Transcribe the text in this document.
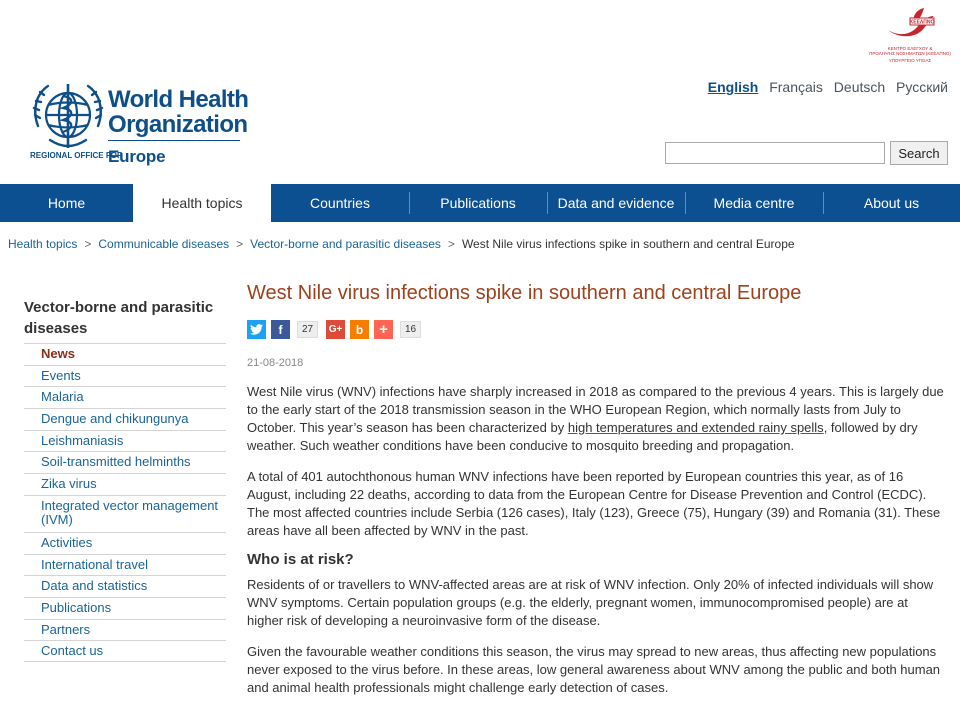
World Health
Organization
REGIONAL OFFICE FOR
Europe
ΚΕΕΛΠΝΟ
ΚΕΝΤΡΟ ΕΛΕΓΧΟΥ &
ΠΡΟΛΗΨΗΣ ΝΟΣΗΜΑΤΩΝ (ΚΕΕΛΠΝΟ)
ΥΠΟΥΡΓΕΙΟ ΥΓΕΙΑΣ
English Français Deutsch Русский
Search
Home	Health topics	Countries	Publications	Data and evidence	Media centre	About us
Health topics > Communicable diseases > Vector-borne and parasitic diseases > West Nile virus infections spike in southern and central Europe
Vector-borne and parasitic diseases
News
Events
Malaria
Dengue and chikungunya
Leishmaniasis
Soil-transmitted helminths
Zika virus
Integrated vector management (IVM)
Activities
International travel
Data and statistics
Publications
Partners
Contact us
West Nile virus infections spike in southern and central Europe
f	27	G+	b	+	16
21-08-2018

West Nile virus (WNV) infections have sharply increased in 2018 as compared to the previous 4 years. This is largely due to the early start of the 2018 transmission season in the WHO European Region, which normally lasts from July to October. This year’s season has been characterized by high temperatures and extended rainy spells, followed by dry weather. Such weather conditions have been conducive to mosquito breeding and propagation.

A total of 401 autochthonous human WNV infections have been reported by European countries this year, as of 16 August, including 22 deaths, according to data from the European Centre for Disease Prevention and Control (ECDC). The most affected countries include Serbia (126 cases), Italy (123), Greece (75), Hungary (39) and Romania (31). These areas have all been affected by WNV in the past.

Who is at risk?

Residents of or travellers to WNV-affected areas are at risk of WNV infection. Only 20% of infected individuals will show WNV symptoms. Certain population groups (e.g. the elderly, pregnant women, immunocompromised people) are at higher risk of developing a neuroinvasive form of the disease.

Given the favourable weather conditions this season, the virus may spread to new areas, thus affecting new populations never exposed to the virus before. In these areas, low general awareness about WNV among the public and both human and animal health professionals might challenge early detection of cases.
